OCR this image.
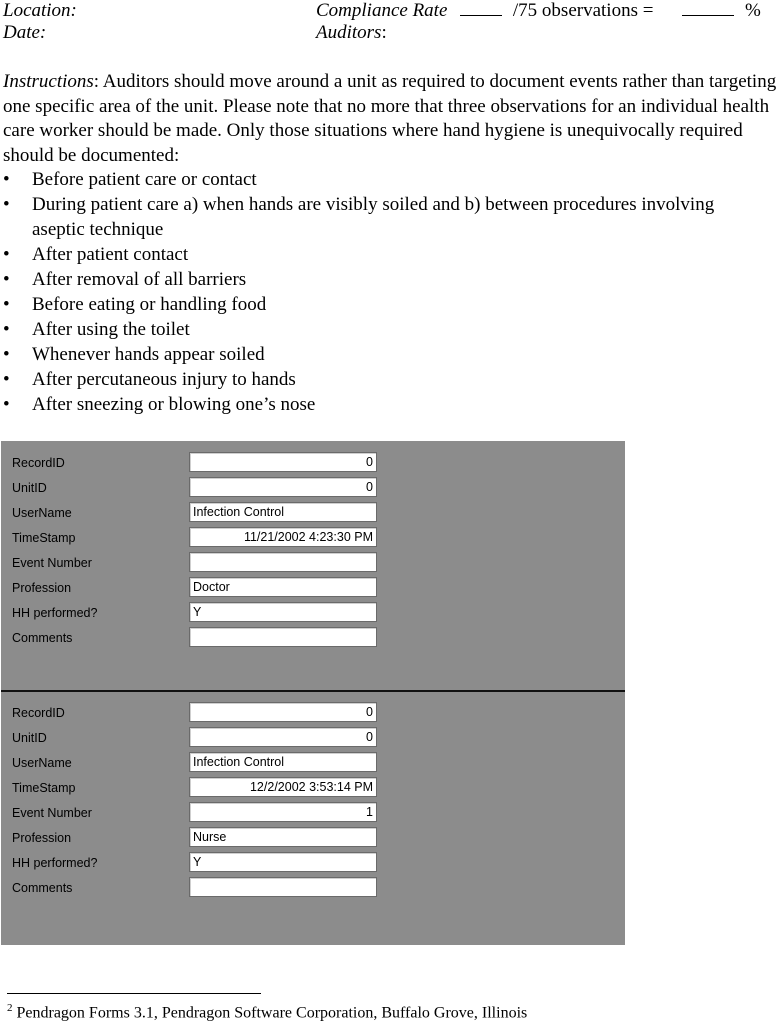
Location:
Date:
Compliance Rate	/75 observations =	%
Auditors:
Instructions: Auditors should move around a unit as required to document events rather than targeting one specific area of the unit. Please note that no more that three observations for an individual health care worker should be made. Only those situations where hand hygiene is unequivocally required should be documented:
• Before patient care or contact
• During patient care a) when hands are visibly soiled and b) between procedures involving aseptic technique
• After patient contact
• After removal of all barriers
• Before eating or handling food
• After using the toilet
• Whenever hands appear soiled
• After percutaneous injury to hands
• After sneezing or blowing one’s nose
RecordID	0
UnitID	0
UserName	Infection Control
TimeStamp	11/21/2002 4:23:30 PM
Event Number
Profession	Doctor
HH performed?	Y
Comments
RecordID	0
UnitID	0
UserName	Infection Control
TimeStamp	12/2/2002 3:53:14 PM
Event Number	1
Profession	Nurse
HH performed?	Y
Comments
$^2$ Pendragon Forms 3.1, Pendragon Software Corporation, Buffalo Grove, Illinois
